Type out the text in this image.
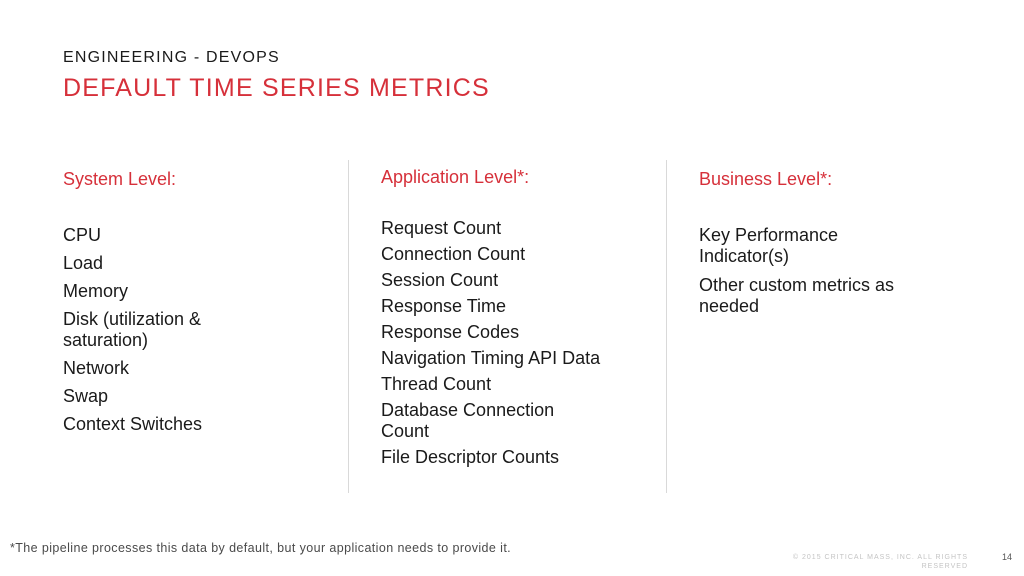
ENGINEERING - DEVOPS
DEFAULT TIME SERIES METRICS
System Level:
CPU
Load
Memory
Disk (utilization & saturation)
Network
Swap
Context Switches
Application Level*:
Request Count
Connection Count
Session Count
Response Time
Response Codes
Navigation Timing API Data
Thread Count
Database Connection Count
File Descriptor Counts
Business Level*:
Key Performance Indicator(s)
Other custom metrics as needed
*The pipeline processes this data by default, but your application needs to provide it.
© 2015 CRITICAL MASS, INC. ALL RIGHTS RESERVED
14
